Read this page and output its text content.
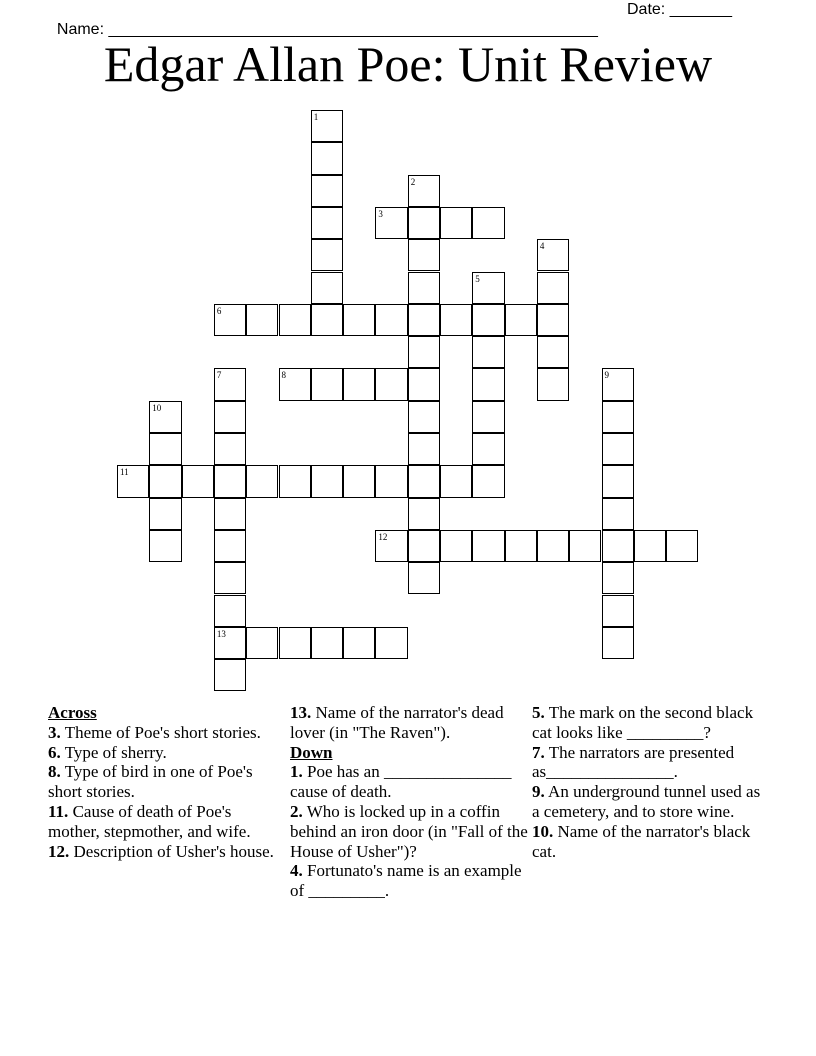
Name: _______________________________________________________

Date: _______

Edgar Allan Poe: Unit Review
1
2
3
4
5
6
7
13
8	9
10
11
12
Across
3. Theme of Poe's short stories.
6. Type of sherry.
8. Type of bird in one of Poe's short stories.
11. Cause of death of Poe's mother, stepmother, and wife.
12. Description of Usher's house.
13. Name of the narrator's dead lover (in "The Raven").
Down
1. Poe has an _______________ cause of death.
2. Who is locked up in a coffin behind an iron door (in "Fall of the House of Usher")?
4. Fortunato's name is an example of _________.
5. The mark on the second black cat looks like _________?
7. The narrators are presented as_______________.
9. An underground tunnel used as a cemetery, and to store wine.
10. Name of the narrator's black cat.
